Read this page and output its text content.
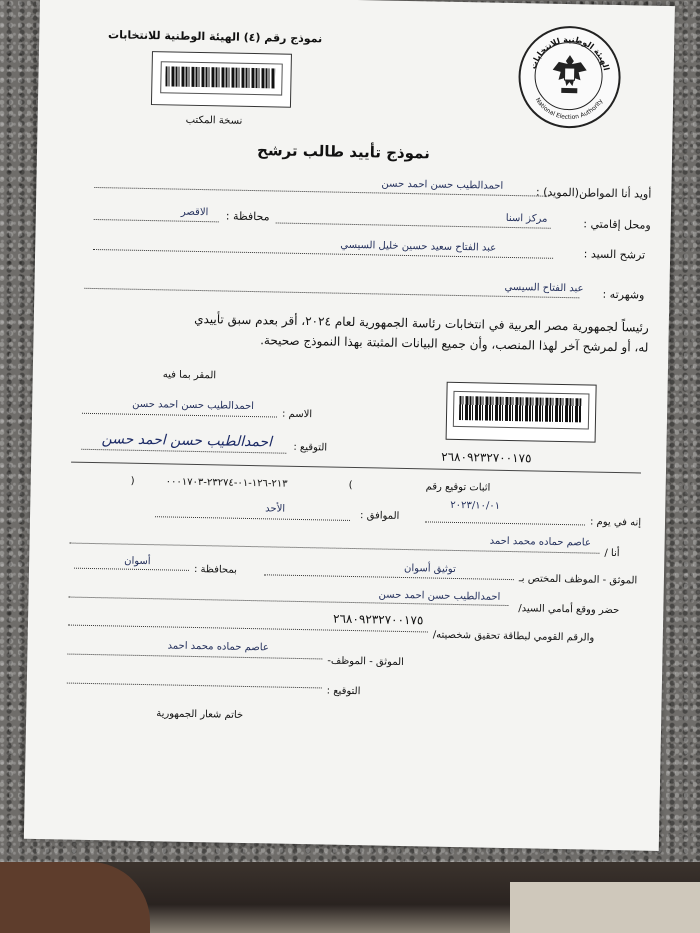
نموذج رقم (٤) الهيئة الوطنية للانتخابات
نسخة المكتب
الهيئة الوطنية للانتخابات
National Election Authority
نموذج تأييد طالب ترشح
أويد أنا المواطن(المويد) :
احمدالطيب حسن احمد حسن
ومحل إقامتي :
مركز اسنا
محافظة :
الاقصر
ترشح السيد :
عبد الفتاح سعيد حسين خليل السيسي
وشهرته :
عبد الفتاح السيسي
رئيساً لجمهورية مصر العربية في انتخابات رئاسة الجمهورية لعام ٢٠٢٤، أقر بعدم سبق تأييدي
له، أو لمرشح آخر لهذا المنصب، وأن جميع البيانات المثبتة بهذا النموذج صحيحة.
المقر بما فيه
الاسم :
احمدالطيب حسن احمد حسن
التوقيع :
احمدالطيب حسن احمد حسن
٢٦٨٠٩٢٣٢٧٠٠١٧٥
اثبات توقيع رقم
(
٢١٣-١٢٦-٠١-٢٣٢٧٤-٠٠٠١٧٠٣
)
إنه في يوم :
٢٠٢٣/١٠/٠١
الموافق :
الأحد
أنا /
عاصم حماده محمد احمد
الموثق - الموظف المختص بـ
توثيق أسوان
بمحافظة :
أسوان
حضر ووقع أمامي السيد/
احمدالطيب حسن احمد حسن
والرقم القومي لبطاقة تحقيق شخصيته/
٢٦٨٠٩٢٣٢٧٠٠١٧٥
الموثق - الموظف-
عاصم حماده محمد احمد
التوقيع :
خاتم شعار الجمهورية
